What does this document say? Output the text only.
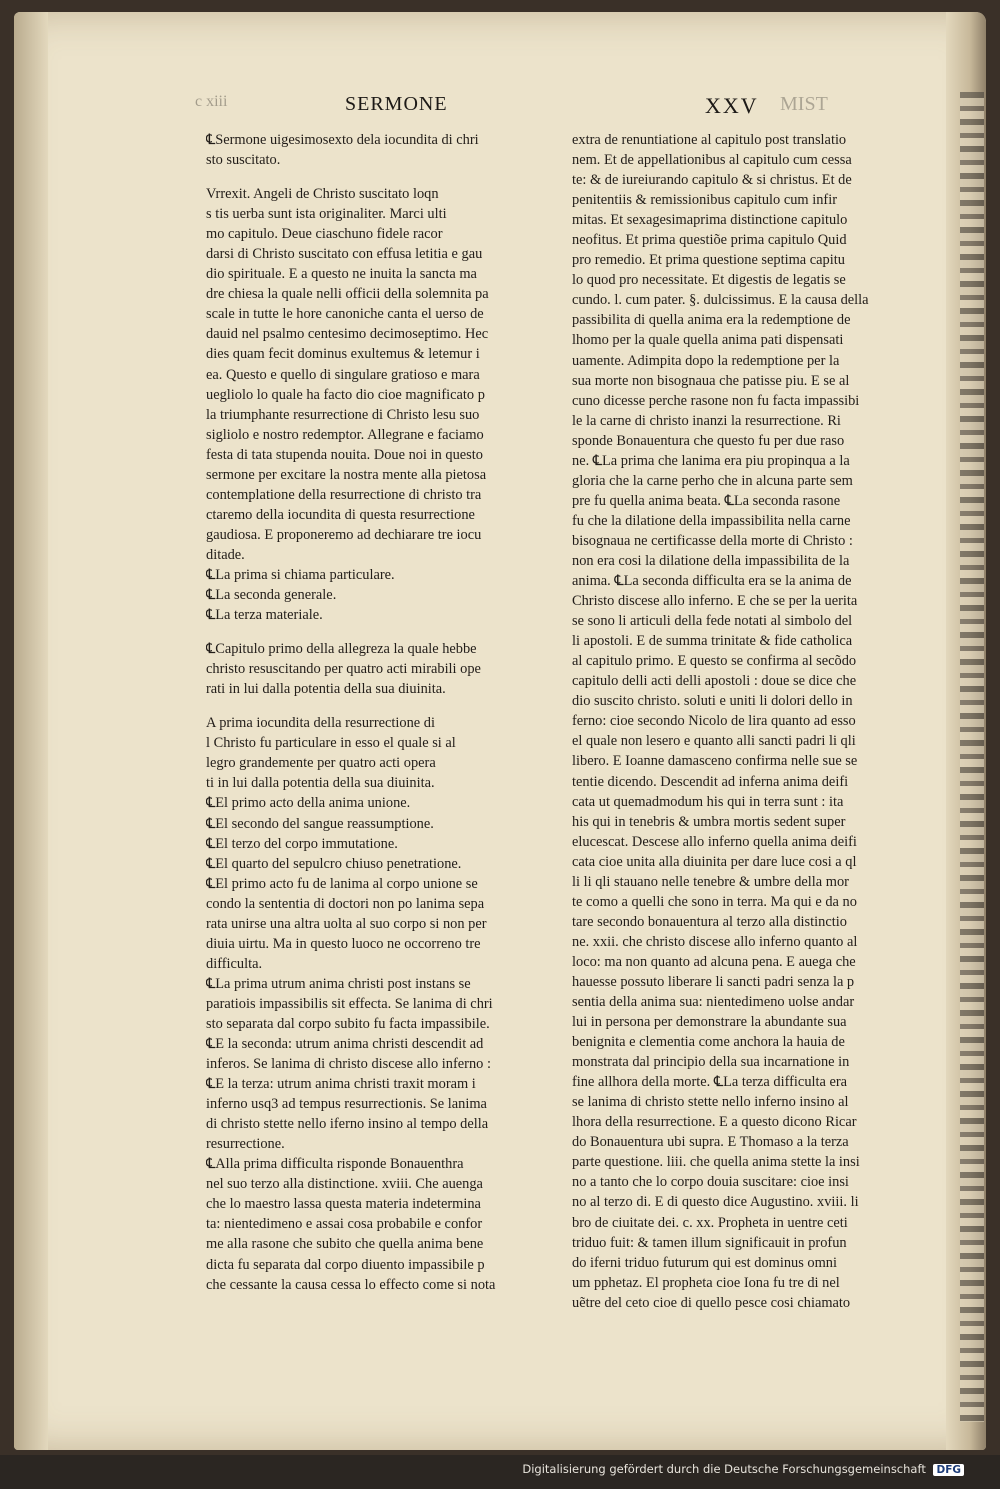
c xiii	SERMONE	XXV MIST

℄Sermone uigesimosexto dela iocundita di chri

sto suscitato.

Vrrexit. Angeli de Christo suscitato loqn

s tis uerba sunt ista originaliter. Marci ulti

mo capitulo. Deue ciaschuno fidele racor

darsi di Christo suscitato con effusa letitia e gau

dio spirituale. E a questo ne inuita la sancta ma

dre chiesa la quale nelli officii della solemnita pa

scale in tutte le hore canoniche canta el uerso de

dauid nel psalmo centesimo decimoseptimo. Hec

dies quam fecit dominus exultemus & letemur i

ea. Questo e quello di singulare gratioso e mara

uegliolo lo quale ha facto dio cioe magnificato p

la triumphante resurrectione di Christo lesu suo

sigliolo e nostro redemptor. Allegrane e faciamo

festa di tata stupenda nouita. Doue noi in questo

sermone per excitare la nostra mente alla pietosa

contemplatione della resurrectione di christo tra

ctaremo della iocundita di questa resurrectione

gaudiosa. E proponeremo ad dechiarare tre iocu

ditade.

℄La prima si chiama particulare.

℄La seconda generale.

℄La terza materiale.

℄Capitulo primo della allegreza la quale hebbe

christo resuscitando per quatro acti mirabili ope

rati in lui dalla potentia della sua diuinita.

A prima iocundita della resurrectione di

l Christo fu particulare in esso el quale si al

legro grandemente per quatro acti opera

ti in lui dalla potentia della sua diuinita.

℄El primo acto della anima unione.

℄El secondo del sangue reassumptione.

℄El terzo del corpo immutatione.

℄El quarto del sepulcro chiuso penetratione.

℄El primo acto fu de lanima al corpo unione se

condo la sententia di doctori non po lanima sepa

rata unirse una altra uolta al suo corpo si non per

diuia uirtu. Ma in questo luoco ne occorreno tre

difficulta.

℄La prima utrum anima christi post instans se

paratiois impassibilis sit effecta. Se lanima di chri

sto separata dal corpo subito fu facta impassibile.

℄E la seconda: utrum anima christi descendit ad

inferos. Se lanima di christo discese allo inferno :

℄E la terza: utrum anima christi traxit moram i

inferno usq3 ad tempus resurrectionis. Se lanima

di christo stette nello iferno insino al tempo della

resurrectione.

℄Alla prima difficulta risponde Bonauenthra

nel suo terzo alla distinctione. xviii. Che auenga

che lo maestro lassa questa materia indetermina

ta: nientedimeno e assai cosa probabile e confor

me alla rasone che subito che quella anima bene

dicta fu separata dal corpo diuento impassibile p

che cessante la causa cessa lo effecto come si nota

extra de renuntiatione al capitulo post translatio

nem. Et de appellationibus al capitulo cum cessa

te: & de iureiurando capitulo & si christus. Et de

penitentiis & remissionibus capitulo cum infir

mitas. Et sexagesimaprima distinctione capitulo

neofitus. Et prima questiõe prima capitulo Quid

pro remedio. Et prima questione septima capitu

lo quod pro necessitate. Et digestis de legatis se

cundo. l. cum pater. §. dulcissimus. E la causa della

passibilita di quella anima era la redemptione de

lhomo per la quale quella anima pati dispensati

uamente. Adimpita dopo la redemptione per la

sua morte non bisognaua che patisse piu. E se al

cuno dicesse perche rasone non fu facta impassibi

le la carne di christo inanzi la resurrectione. Ri

sponde Bonauentura che questo fu per due raso

ne. ℄La prima che lanima era piu propinqua a la

gloria che la carne perho che in alcuna parte sem

pre fu quella anima beata. ℄La seconda rasone

fu che la dilatione della impassibilita nella carne

bisognaua ne certificasse della morte di Christo :

non era cosi la dilatione della impassibilita de la

anima. ℄La seconda difficulta era se la anima de

Christo discese allo inferno. E che se per la uerita

se sono li articuli della fede notati al simbolo del

li apostoli. E de summa trinitate & fide catholica

al capitulo primo. E questo se confirma al secõdo

capitulo delli acti delli apostoli : doue se dice che

dio suscito christo. soluti e uniti li dolori dello in

ferno: cioe secondo Nicolo de lira quanto ad esso

el quale non lesero e quanto alli sancti padri li qli

libero. E Ioanne damasceno confirma nelle sue se

tentie dicendo. Descendit ad inferna anima deifi

cata ut quemadmodum his qui in terra sunt : ita

his qui in tenebris & umbra mortis sedent super

elucescat. Descese allo inferno quella anima deifi

cata cioe unita alla diuinita per dare luce cosi a ql

li li qli stauano nelle tenebre & umbre della mor

te como a quelli che sono in terra. Ma qui e da no

tare secondo bonauentura al terzo alla distinctio

ne. xxii. che christo discese allo inferno quanto al

loco: ma non quanto ad alcuna pena. E auega che

hauesse possuto liberare li sancti padri senza la p

sentia della anima sua: nientedimeno uolse andar

lui in persona per demonstrare la abundante sua

benignita e clementia come anchora la hauia de

monstrata dal principio della sua incarnatione in

fine allhora della morte. ℄La terza difficulta era

se lanima di christo stette nello inferno insino al

lhora della resurrectione. E a questo dicono Ricar

do Bonauentura ubi supra. E Thomaso a la terza

parte questione. liii. che quella anima stette la insi

no a tanto che lo corpo douia suscitare: cioe insi

no al terzo di. E di questo dice Augustino. xviii. li

bro de ciuitate dei. c. xx. Propheta in uentre ceti

triduo fuit: & tamen illum significauit in profun

do iferni triduo futurum qui est dominus omni

um pphetaz. El propheta cioe Iona fu tre di nel

uẽtre del ceto cioe di quello pesce cosi chiamato

Digitalisierung gefördert durch die Deutsche Forschungsgemeinschaft DFG
